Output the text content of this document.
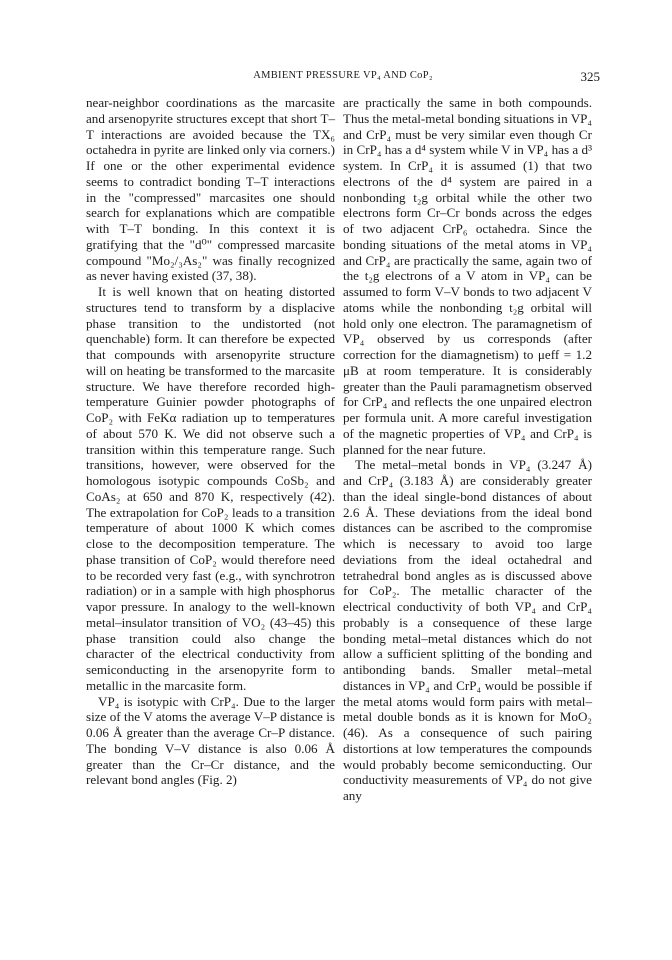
AMBIENT PRESSURE VP₄ AND CoP₂	325

near-neighbor coordinations as the marcasite and arsenopyrite structures except that short T–T interactions are avoided because the TX₆ octahedra in pyrite are linked only via corners.) If one or the other experimental evidence seems to contradict bonding T–T interactions in the "compressed" marcasites one should search for explanations which are compatible with T–T bonding. In this context it is gratifying that the "d⁰" compressed marcasite compound "Mo₂/₃As₂" was finally recognized as never having existed (37, 38).

It is well known that on heating distorted structures tend to transform by a displacive phase transition to the undistorted (not quenchable) form. It can therefore be expected that compounds with arsenopyrite structure will on heating be transformed to the marcasite structure. We have therefore recorded high-temperature Guinier powder photographs of CoP₂ with FeKα radiation up to temperatures of about 570 K. We did not observe such a transition within this temperature range. Such transitions, however, were observed for the homologous isotypic compounds CoSb₂ and CoAs₂ at 650 and 870 K, respectively (42). The extrapolation for CoP₂ leads to a transition temperature of about 1000 K which comes close to the decomposition temperature. The phase transition of CoP₂ would therefore need to be recorded very fast (e.g., with synchrotron radiation) or in a sample with high phosphorus vapor pressure. In analogy to the well-known metal–insulator transition of VO₂ (43–45) this phase transition could also change the character of the electrical conductivity from semiconducting in the arsenopyrite form to metallic in the marcasite form.

VP₄ is isotypic with CrP₄. Due to the larger size of the V atoms the average V–P distance is 0.06 Å greater than the average Cr–P distance. The bonding V–V distance is also 0.06 Å greater than the Cr–Cr distance, and the relevant bond angles (Fig. 2)

are practically the same in both compounds. Thus the metal-metal bonding situations in VP₄ and CrP₄ must be very similar even though Cr in CrP₄ has a d⁴ system while V in VP₄ has a d³ system. In CrP₄ it is assumed (1) that two electrons of the d⁴ system are paired in a nonbonding t₂g orbital while the other two electrons form Cr–Cr bonds across the edges of two adjacent CrP₆ octahedra. Since the bonding situations of the metal atoms in VP₄ and CrP₄ are practically the same, again two of the t₂g electrons of a V atom in VP₄ can be assumed to form V–V bonds to two adjacent V atoms while the nonbonding t₂g orbital will hold only one electron. The paramagnetism of VP₄ observed by us corresponds (after correction for the diamagnetism) to μeff = 1.2 μB at room temperature. It is considerably greater than the Pauli paramagnetism observed for CrP₄ and reflects the one unpaired electron per formula unit. A more careful investigation of the magnetic properties of VP₄ and CrP₄ is planned for the near future.

The metal–metal bonds in VP₄ (3.247 Å) and CrP₄ (3.183 Å) are considerably greater than the ideal single-bond distances of about 2.6 Å. These deviations from the ideal bond distances can be ascribed to the compromise which is necessary to avoid too large deviations from the ideal octahedral and tetrahedral bond angles as is discussed above for CoP₂. The metallic character of the electrical conductivity of both VP₄ and CrP₄ probably is a consequence of these large bonding metal–metal distances which do not allow a sufficient splitting of the bonding and antibonding bands. Smaller metal–metal distances in VP₄ and CrP₄ would be possible if the metal atoms would form pairs with metal–metal double bonds as it is known for MoO₂ (46). As a consequence of such pairing distortions at low temperatures the compounds would probably become semiconducting. Our conductivity measurements of VP₄ do not give any
